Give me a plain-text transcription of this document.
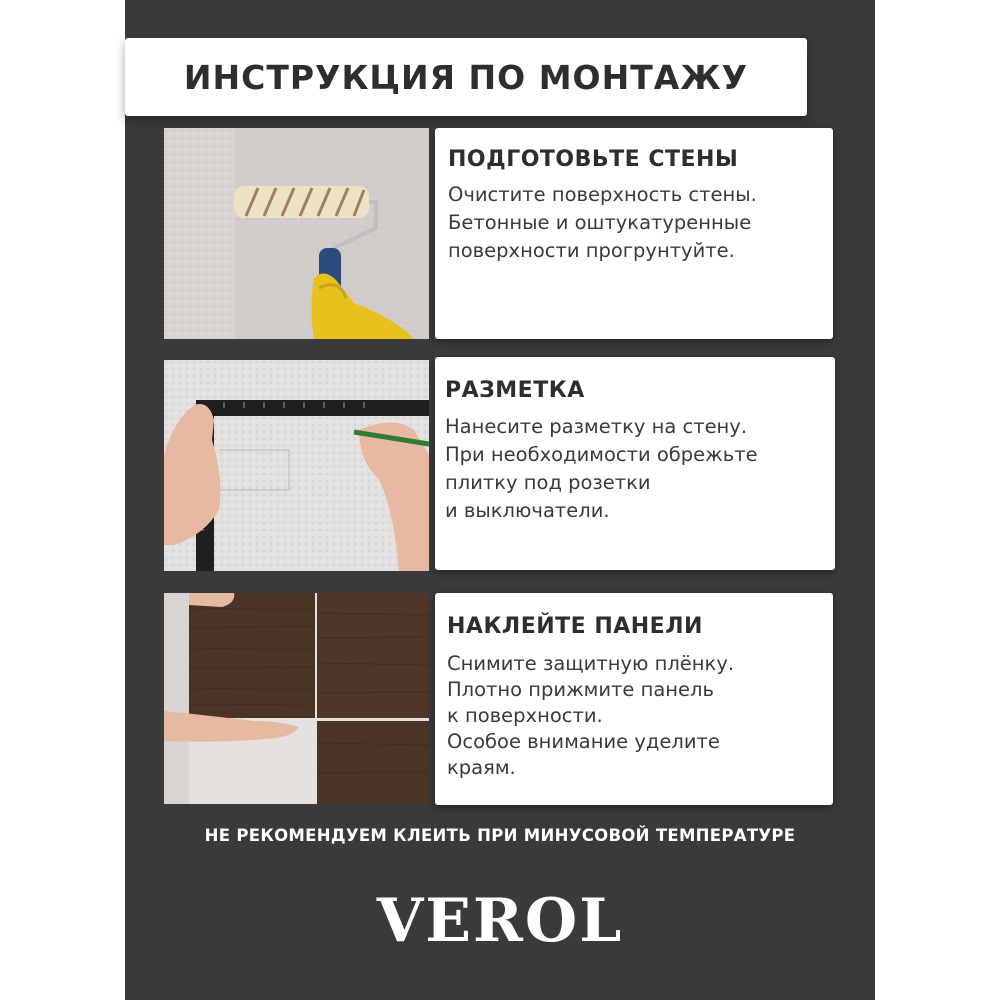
ИНСТРУКЦИЯ ПО МОНТАЖУ
ПОДГОТОВЬТЕ СТЕНЫ

Очистите поверхность стены.

Бетонные и оштукатуренные

поверхности прогрунтуйте.

РАЗМЕТКА

Нанесите разметку на стену.

При необходимости обрежьте

плитку под розетки

и выключатели.

НАКЛЕЙТЕ ПАНЕЛИ

Снимите защитную плёнку.

Плотно прижмите панель

к поверхности.

Особое внимание уделите

краям.

НЕ РЕКОМЕНДУЕМ КЛЕИТЬ ПРИ МИНУСОВОЙ ТЕМПЕРАТУРЕ
VEROL
